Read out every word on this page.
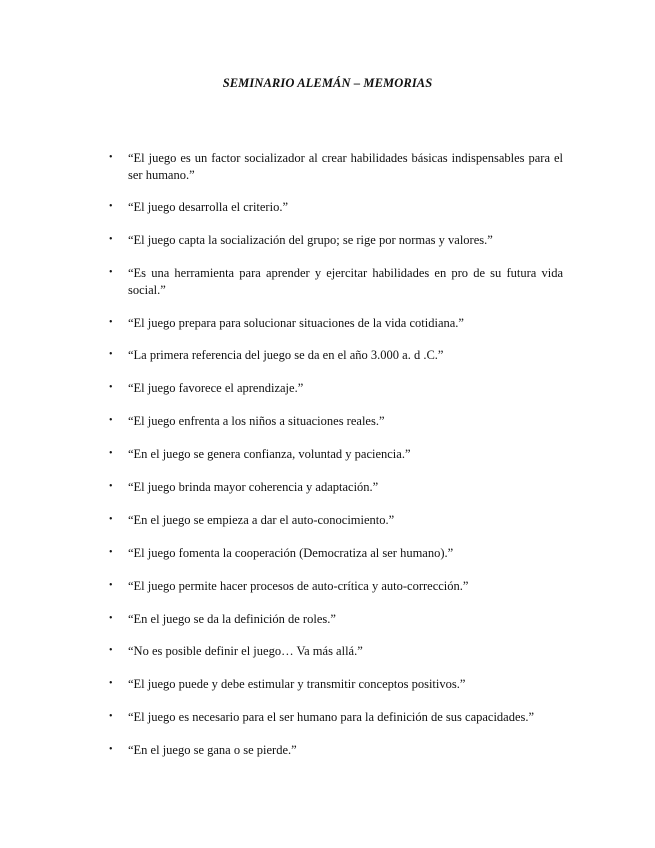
SEMINARIO ALEMÁN – MEMORIAS
• “El juego es un factor socializador al crear habilidades básicas indispensables para el ser humano.”
• “El juego desarrolla el criterio.”
• “El juego capta la socialización del grupo; se rige por normas y valores.”
• “Es una herramienta para aprender y ejercitar habilidades en pro de su futura vida social.”
• “El juego prepara para solucionar situaciones de la vida cotidiana.”
• “La primera referencia del juego se da en el año 3.000 a. d .C.”
• “El juego favorece el aprendizaje.”
• “El juego enfrenta a los niños a situaciones reales.”
• “En el juego se genera confianza, voluntad y paciencia.”
• “El juego brinda mayor coherencia y adaptación.”
• “En el juego se empieza a dar el auto-conocimiento.”
• “El juego fomenta la cooperación (Democratiza al ser humano).”
• “El juego permite hacer procesos de auto-crítica y auto-corrección.”
• “En el juego se da la definición de roles.”
• “No es posible definir el juego… Va más allá.”
• “El juego puede y debe estimular y transmitir conceptos positivos.”
• “El juego es necesario para el ser humano para la definición de sus capacidades.”
• “En el juego se gana o se pierde.”
